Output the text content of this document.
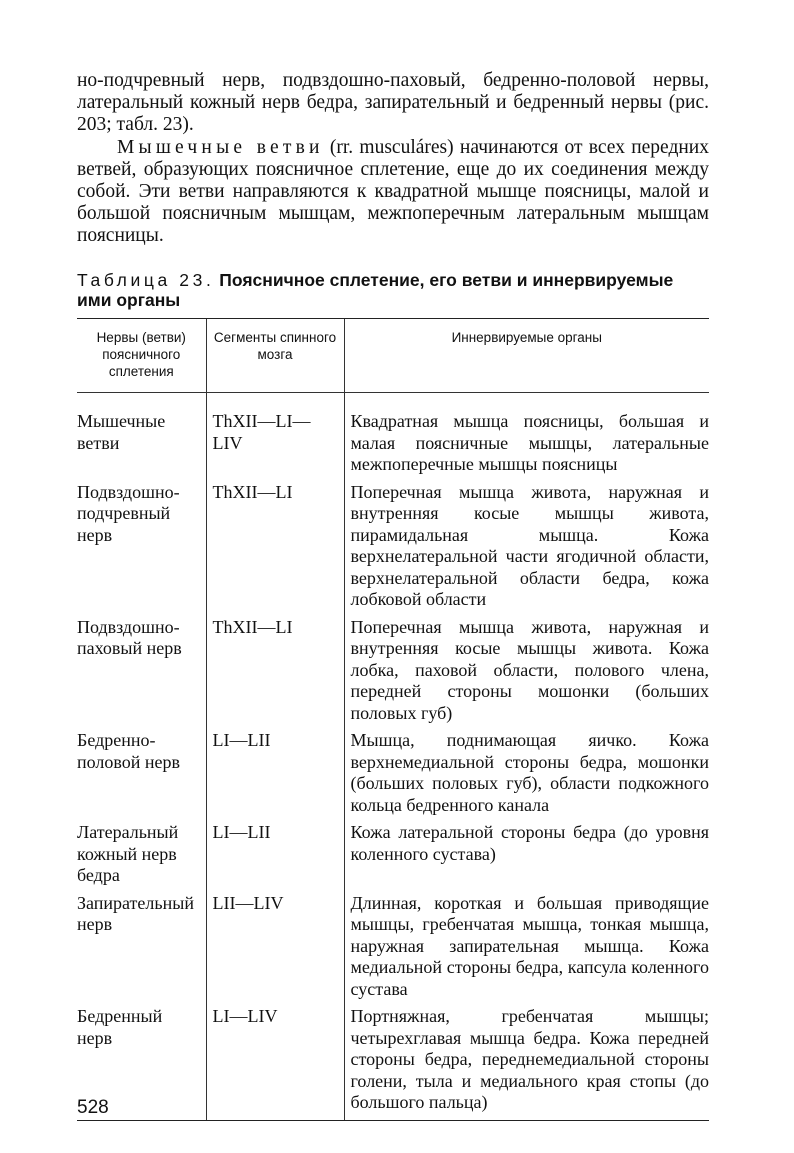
но-подчревный нерв, подвздошно-паховый, бедренно-половой нервы, латеральный кожный нерв бедра, запирательный и бедренный нервы (рис. 203; табл. 23).

Мышечные ветви (rr. musculáres) начинаются от всех передних ветвей, образующих поясничное сплетение, еще до их соединения между собой. Эти ветви направляются к квадратной мышце поясницы, малой и большой поясничным мышцам, межпоперечным латеральным мышцам поясницы.

Таблица 23. Поясничное сплетение, его ветви и иннервируемые ими органы
Нервы (ветви) поясничного сплетения	Сегменты спинного мозга	Иннервируемые органы
Мышечные ветви	ThXII—LI—LIV	Квадратная мышца поясницы, большая и малая поясничные мышцы, латеральные межпоперечные мышцы поясницы
Подвздошно-подчревный нерв	ThXII—LI	Поперечная мышца живота, наружная и внутренняя косые мышцы живота, пирамидальная мышца. Кожа верхнелатеральной части ягодичной области, верхнелатеральной области бедра, кожа лобковой области
Подвздошно-паховый нерв	ThXII—LI	Поперечная мышца живота, наружная и внутренняя косые мышцы живота. Кожа лобка, паховой области, полового члена, передней стороны мошонки (больших половых губ)
Бедренно-половой нерв	LI—LII	Мышца, поднимающая яичко. Кожа верхнемедиальной стороны бедра, мошонки (больших половых губ), области подкожного кольца бедренного канала
Латеральный кожный нерв бедра	LI—LII	Кожа латеральной стороны бедра (до уровня коленного сустава)
Запирательный нерв	LII—LIV	Длинная, короткая и большая приводящие мышцы, гребенчатая мышца, тонкая мышца, наружная запирательная мышца. Кожа медиальной стороны бедра, капсула коленного сустава
Бедренный нерв	LI—LIV	Портняжная, гребенчатая мышцы; четырехглавая мышца бедра. Кожа передней стороны бедра, переднемедиальной стороны голени, тыла и медиального края стопы (до большого пальца)
528
